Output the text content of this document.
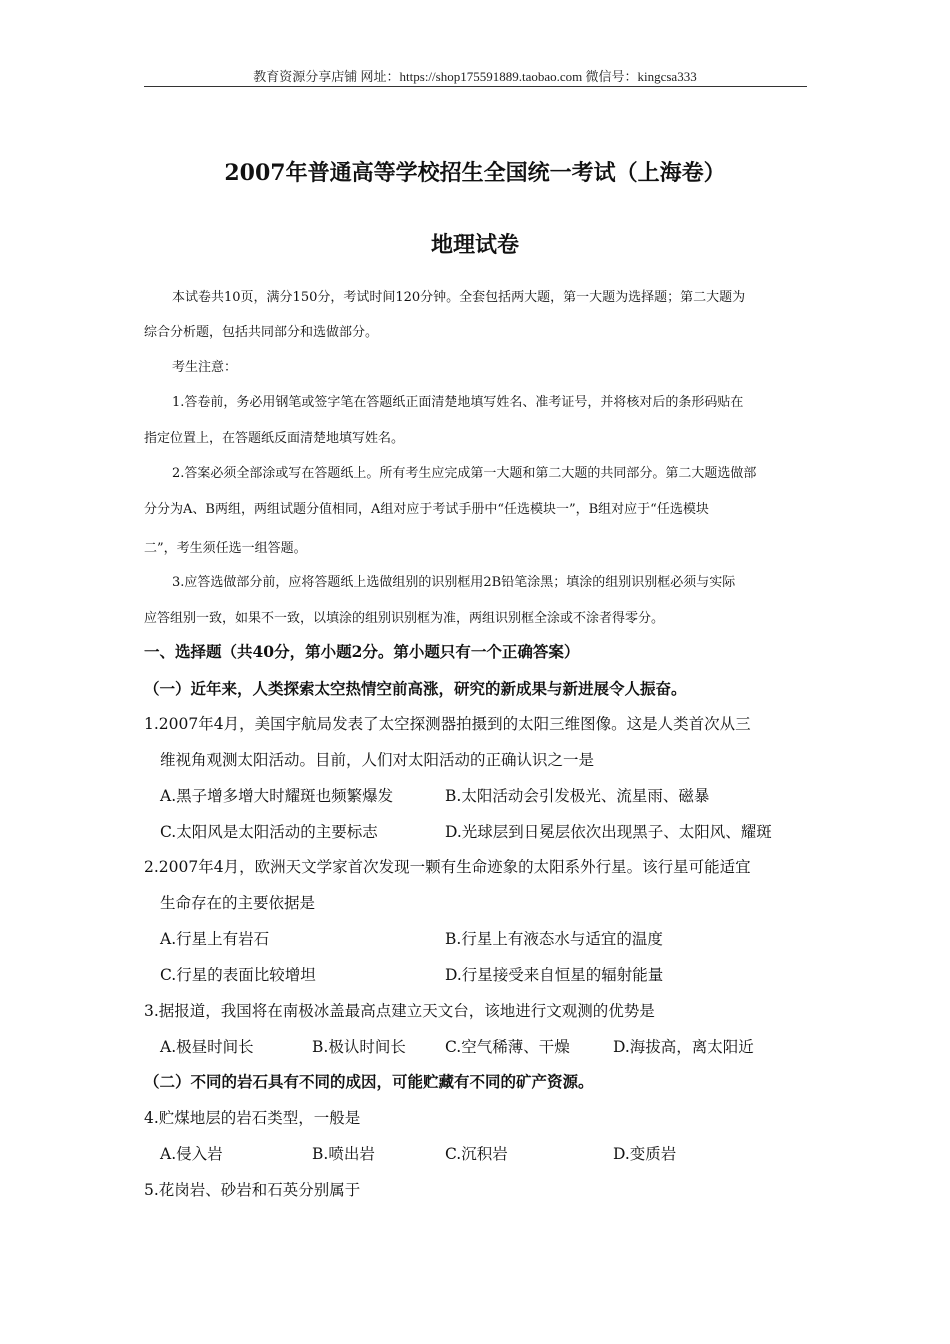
教育资源分享店铺 网址：https://shop175591889.taobao.com 微信号：kingcsa333
2007年普通高等学校招生全国统一考试（上海卷）
地理试卷
本试卷共10页，满分150分，考试时间120分钟。全套包括两大题，第一大题为选择题；第二大题为
综合分析题，包括共同部分和选做部分。
考生注意：
1.答卷前，务必用钢笔或签字笔在答题纸正面清楚地填写姓名、准考证号，并将核对后的条形码贴在
指定位置上，在答题纸反面清楚地填写姓名。
2.答案必须全部涂或写在答题纸上。所有考生应完成第一大题和第二大题的共同部分。第二大题选做部
分分为A、B两组，两组试题分值相同，A组对应于考试手册中“任选模块一”，B组对应于“任选模块
二”，考生须任选一组答题。
3.应答选做部分前，应将答题纸上选做组别的识别框用2B铅笔涂黑；填涂的组别识别框必须与实际
应答组别一致，如果不一致，以填涂的组别识别框为准，两组识别框全涂或不涂者得零分。
一、选择题（共40分，第小题2分。第小题只有一个正确答案）
（一）近年来，人类探索太空热情空前高涨，研究的新成果与新进展令人振奋。
1.2007年4月，美国宇航局发表了太空探测器拍摄到的太阳三维图像。这是人类首次从三
维视角观测太阳活动。目前，人们对太阳活动的正确认识之一是
A.黑子增多增大时耀斑也频繁爆发	B.太阳活动会引发极光、流星雨、磁暴
C.太阳风是太阳活动的主要标志	D.光球层到日冕层依次出现黑子、太阳风、耀斑
2.2007年4月，欧洲天文学家首次发现一颗有生命迹象的太阳系外行星。该行星可能适宜
生命存在的主要依据是
A.行星上有岩石	B.行星上有液态水与适宜的温度
C.行星的表面比较增坦	D.行星接受来自恒星的辐射能量
3.据报道，我国将在南极冰盖最高点建立天文台，该地进行文观测的优势是
A.极昼时间长	B.极认时间长	C.空气稀薄、干燥	D.海拔高，离太阳近
（二）不同的岩石具有不同的成因，可能贮藏有不同的矿产资源。
4.贮煤地层的岩石类型，一般是
A.侵入岩	B.喷出岩	C.沉积岩	D.变质岩
5.花岗岩、砂岩和石英分别属于
